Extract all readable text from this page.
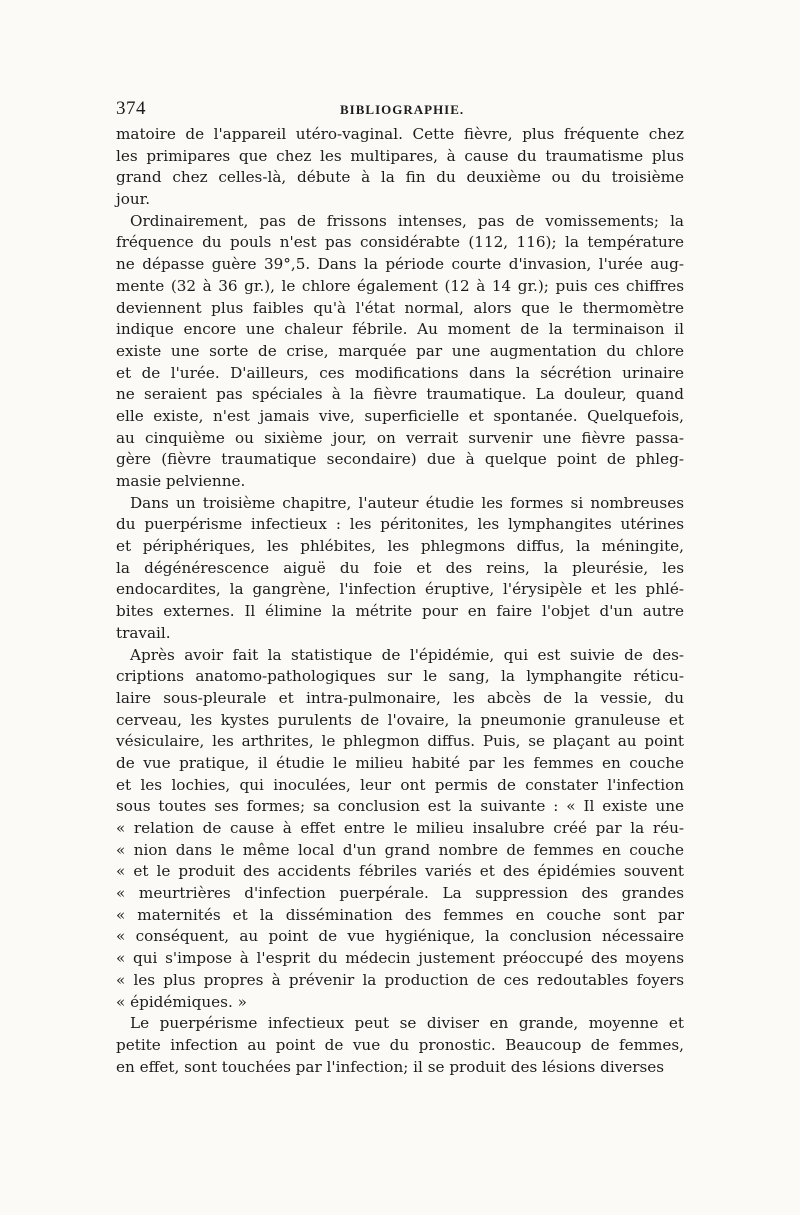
374	BIBLIOGRAPHIE.
matoire de l'appareil utéro-vaginal. Cette fièvre, plus fréquente chez
les primipares que chez les multipares, à cause du traumatisme plus
grand chez celles-là, débute à la fin du deuxième ou du troisième
jour.
Ordinairement, pas de frissons intenses, pas de vomissements; la
fréquence du pouls n'est pas considérabte (112, 116); la température
ne dépasse guère 39°,5. Dans la période courte d'invasion, l'urée aug-
mente (32 à 36 gr.), le chlore également (12 à 14 gr.); puis ces chiffres
deviennent plus faibles qu'à l'état normal, alors que le thermomètre
indique encore une chaleur fébrile. Au moment de la terminaison il
existe une sorte de crise, marquée par une augmentation du chlore
et de l'urée. D'ailleurs, ces modifications dans la sécrétion urinaire
ne seraient pas spéciales à la fièvre traumatique. La douleur, quand
elle existe, n'est jamais vive, superficielle et spontanée. Quelquefois,
au cinquième ou sixième jour, on verrait survenir une fièvre passa-
gère (fièvre traumatique secondaire) due à quelque point de phleg-
masie pelvienne.
Dans un troisième chapitre, l'auteur étudie les formes si nombreuses
du puerpérisme infectieux : les péritonites, les lymphangites utérines
et périphériques, les phlébites, les phlegmons diffus, la méningite,
la dégénérescence aiguë du foie et des reins, la pleurésie, les
endocardites, la gangrène, l'infection éruptive, l'érysipèle et les phlé-
bites externes. Il élimine la métrite pour en faire l'objet d'un autre
travail.
Après avoir fait la statistique de l'épidémie, qui est suivie de des-
criptions anatomo-pathologiques sur le sang, la lymphangite réticu-
laire sous-pleurale et intra-pulmonaire, les abcès de la vessie, du
cerveau, les kystes purulents de l'ovaire, la pneumonie granuleuse et
vésiculaire, les arthrites, le phlegmon diffus. Puis, se plaçant au point
de vue pratique, il étudie le milieu habité par les femmes en couche
et les lochies, qui inoculées, leur ont permis de constater l'infection
sous toutes ses formes; sa conclusion est la suivante : « Il existe une
« relation de cause à effet entre le milieu insalubre créé par la réu-
« nion dans le même local d'un grand nombre de femmes en couche
« et le produit des accidents fébriles variés et des épidémies souvent
« meurtrières d'infection puerpérale. La suppression des grandes
« maternités et la dissémination des femmes en couche sont par
« conséquent, au point de vue hygiénique, la conclusion nécessaire
« qui s'impose à l'esprit du médecin justement préoccupé des moyens
« les plus propres à prévenir la production de ces redoutables foyers
« épidémiques. »
Le puerpérisme infectieux peut se diviser en grande, moyenne et
petite infection au point de vue du pronostic. Beaucoup de femmes,
en effet, sont touchées par l'infection; il se produit des lésions diverses
